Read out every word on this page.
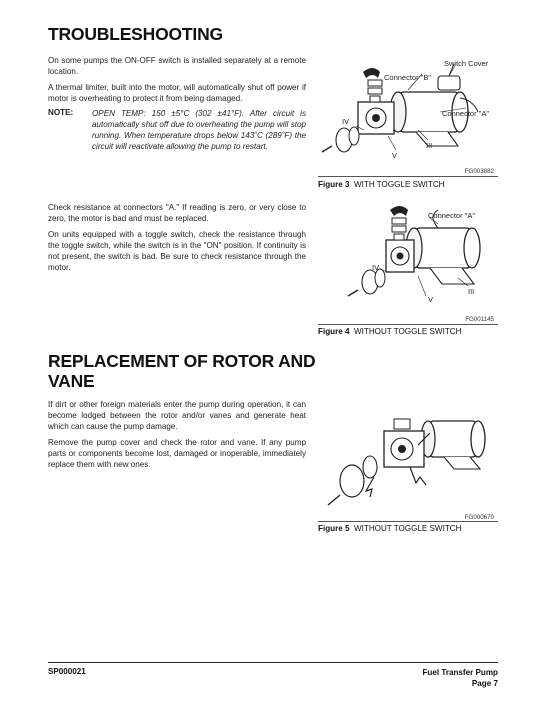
TROUBLESHOOTING

On some pumps the ON-OFF switch is installed separately at a remote location.

A thermal limiter, built into the motor, will automatically shut off power if motor is overheating to protect it from being damaged.

NOTE: OPEN TEMP: 150 ±5°C (302 ±41°F). After circuit is automatically shut off due to overheating the pump will stop running. When temperature drops below 143˚C (289˚F) the circuit will reactivate allowing the pump to restart.

Check resistance at connectors "A." If reading is zero, or very close to zero, the motor is bad and must be replaced.

On units equipped with a toggle switch, check the resistance through the toggle switch, while the switch is in the "ON" position. If continuity is not present, the switch is bad. Be sure to check resistance through the motor.

Switch Cover
Connector "B"
Connector "A"
IV
V
III
FG003882
Figure 3 WITH TOGGLE SWITCH
Connector "A"
IV
V
III
FG001145
Figure 4 WITHOUT TOGGLE SWITCH
REPLACEMENT OF ROTOR AND
VANE

If dirt or other foreign materials enter the pump during operation, it can become lodged between the rotor and/or vanes and generate heat which can cause the pump damage.

Remove the pump cover and check the rotor and vane. If any pump parts or components become lost, damaged or inoperable, immediately replace them with new ones.

FG000670
Figure 5 WITHOUT TOGGLE SWITCH
SP000021	Fuel Transfer Pump
Page 7
